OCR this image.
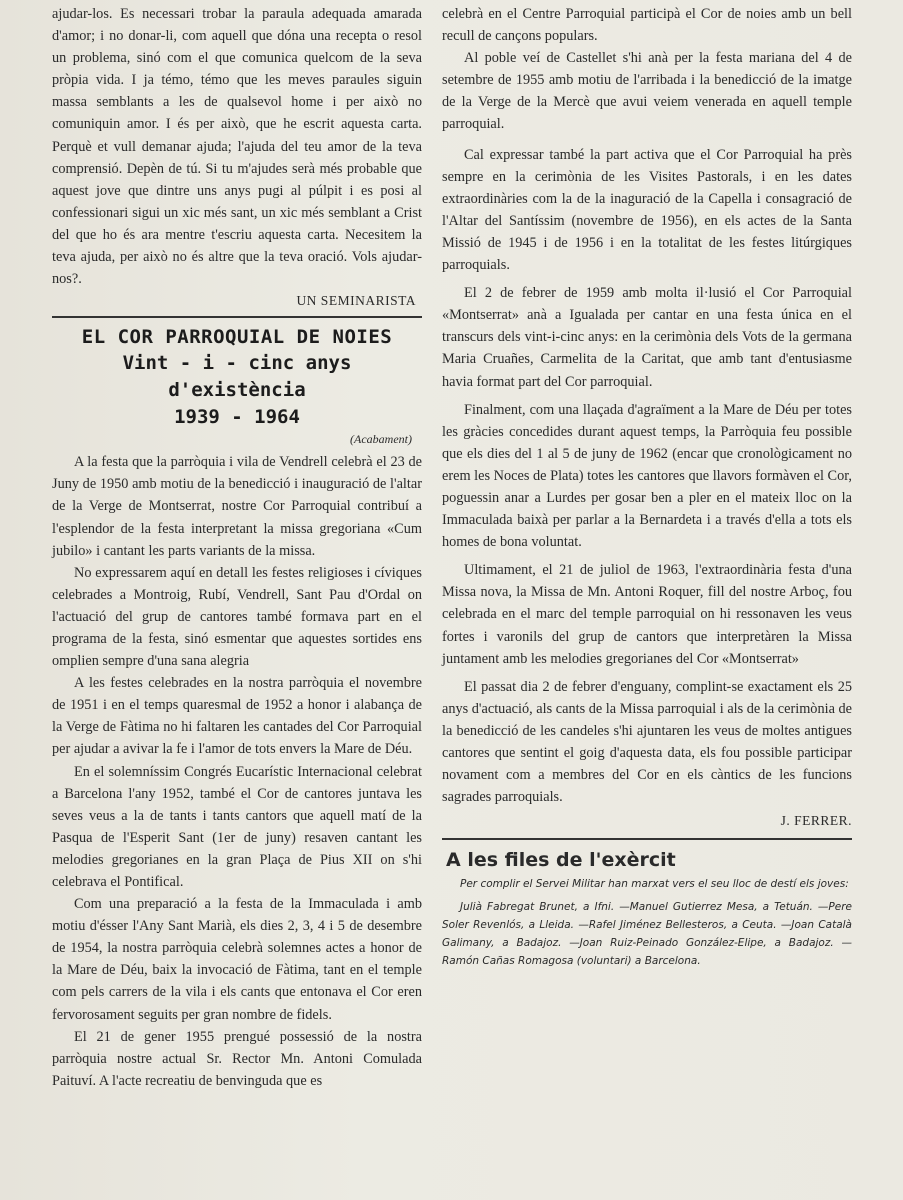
ajudar-los. Es necessari trobar la paraula adequada amarada d'amor; i no donar-li, com aquell que dóna una recepta o resol un problema, sinó com el que comunica quelcom de la seva pròpia vida. I ja témo, témo que les meves paraules siguin massa semblants a les de qualsevol home i per això no comuniquin amor. I és per això, que he escrit aquesta carta. Perquè et vull demanar ajuda; l'ajuda del teu amor de la teva comprensió. Depèn de tú. Si tu m'ajudes serà més probable que aquest jove que dintre uns anys pugi al púlpit i es posi al confessionari sigui un xic més sant, un xic més semblant a Crist del que ho és ara mentre t'escriu aquesta carta. Necesitem la teva ajuda, per això no és altre que la teva oració. Vols ajudar-nos?.

UN SEMINARISTA

EL COR PARROQUIAL DE NOIES

Vint - i - cinc anys d'existència

1939 - 1964

(Acabament)

A la festa que la parròquia i vila de Vendrell celebrà el 23 de Juny de 1950 amb motiu de la benedicció i inauguració de l'altar de la Verge de Montserrat, nostre Cor Parroquial contribuí a l'esplendor de la festa interpretant la missa gregoriana «Cum jubilo» i cantant les parts variants de la missa.

No expressarem aquí en detall les festes religioses i cíviques celebrades a Montroig, Rubí, Vendrell, Sant Pau d'Ordal on l'actuació del grup de cantores també formava part en el programa de la festa, sinó esmentar que aquestes sortides ens omplien sempre d'una sana alegria

A les festes celebrades en la nostra parròquia el novembre de 1951 i en el temps quaresmal de 1952 a honor i alabança de la Verge de Fàtima no hi faltaren les cantades del Cor Parroquial per ajudar a avivar la fe i l'amor de tots envers la Mare de Déu.

En el solemníssim Congrés Eucarístic Internacional celebrat a Barcelona l'any 1952, també el Cor de cantores juntava les seves veus a la de tants i tants cantors que aquell matí de la Pasqua de l'Esperit Sant (1er de juny) resaven cantant les melodies gregorianes en la gran Plaça de Pius XII on s'hi celebrava el Pontifical.

Com una preparació a la festa de la Immaculada i amb motiu d'ésser l'Any Sant Marià, els dies 2, 3, 4 i 5 de desembre de 1954, la nostra parròquia celebrà solemnes actes a honor de la Mare de Déu, baix la invocació de Fàtima, tant en el temple com pels carrers de la vila i els cants que entonava el Cor eren fervorosament seguits per gran nombre de fidels.

El 21 de gener 1955 prengué possessió de la nostra parròquia nostre actual Sr. Rector Mn. Antoni Comulada Paituví. A l'acte recreatiu de benvinguda que es

celebrà en el Centre Parroquial participà el Cor de noies amb un bell recull de cançons populars.

Al poble veí de Castellet s'hi anà per la festa mariana del 4 de setembre de 1955 amb motiu de l'arribada i la benedicció de la imatge de la Verge de la Mercè que avui veiem venerada en aquell temple parroquial.

Cal expressar també la part activa que el Cor Parroquial ha près sempre en la cerimònia de les Visites Pastorals, i en les dates extraordinàries com la de la inaguració de la Capella i consagració de l'Altar del Santíssim (novembre de 1956), en els actes de la Santa Missió de 1945 i de 1956 i en la totalitat de les festes litúrgiques parroquials.

El 2 de febrer de 1959 amb molta il·lusió el Cor Parroquial «Montserrat» anà a Igualada per cantar en una festa única en el transcurs dels vint-i-cinc anys: en la cerimònia dels Vots de la germana Maria Cruañes, Carmelita de la Caritat, que amb tant d'entusiasme havia format part del Cor parroquial.

Finalment, com una llaçada d'agraïment a la Mare de Déu per totes les gràcies concedides durant aquest temps, la Parròquia feu possible que els dies del 1 al 5 de juny de 1962 (encar que cronològicament no erem les Noces de Plata) totes les cantores que llavors formàven el Cor, poguessin anar a Lurdes per gosar ben a pler en el mateix lloc on la Immaculada baixà per parlar a la Bernardeta i a través d'ella a tots els homes de bona voluntat.

Ultimament, el 21 de juliol de 1963, l'extraordinària festa d'una Missa nova, la Missa de Mn. Antoni Roquer, fill del nostre Arboç, fou celebrada en el marc del temple parroquial on hi ressonaven les veus fortes i varonils del grup de cantors que interpretàren la Missa juntament amb les melodies gregorianes del Cor «Montserrat»

El passat dia 2 de febrer d'enguany, complint-se exactament els 25 anys d'actuació, als cants de la Missa parroquial i als de la cerimònia de la benedicció de les candeles s'hi ajuntaren les veus de moltes antigues cantores que sentint el goig d'aquesta data, els fou possible participar novament com a membres del Cor en els càntics de les funcions sagrades parroquials.

J. FERRER.

A les files de l'exèrcit

Per complir el Servei Militar han marxat vers el seu lloc de destí els joves:

Julià Fabregat Brunet, a Ifni. —Manuel Gutierrez Mesa, a Tetuán. —Pere Soler Revenlós, a Lleida. —Rafel Jiménez Bellesteros, a Ceuta. —Joan Català Galimany, a Badajoz. —Joan Ruiz-Peinado González-Elipe, a Badajoz. —Ramón Cañas Romagosa (voluntari) a Barcelona.
